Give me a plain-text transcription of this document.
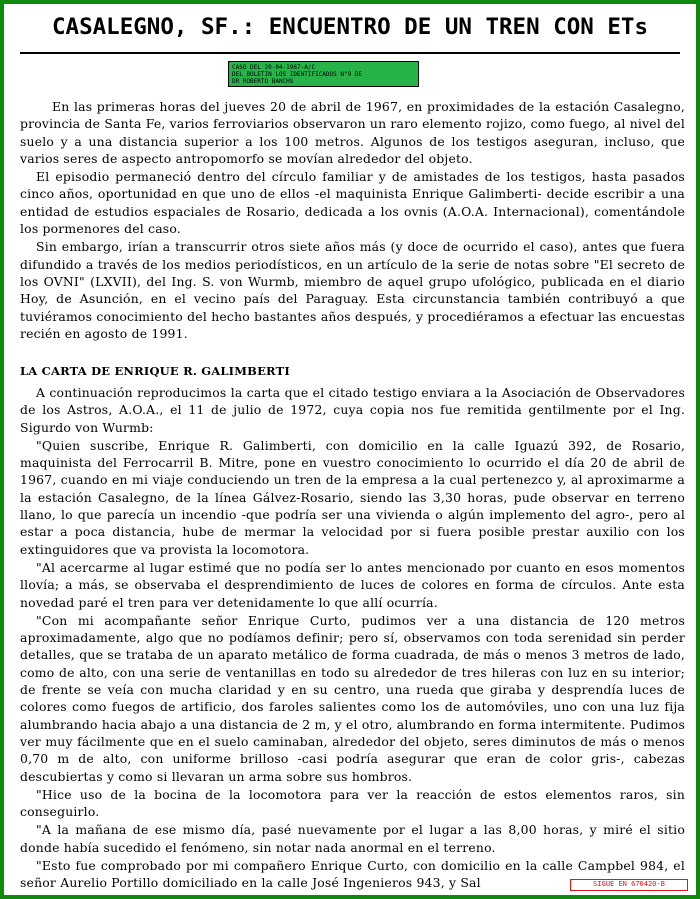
CASALEGNO, SF.: ENCUENTRO DE UN TREN CON ETs
CASO DEL 20-04-1967-A/C
DEL BOLETIN LOS IDENTIFICADOS N°9 DE
DR ROBERTO BANCHS

En las primeras horas del jueves 20 de abril de 1967, en proximidades de la estación Casalegno, provincia de Santa Fe, varios ferroviarios observaron un raro elemento rojizo, como fuego, al nivel del suelo y a una distancia superior a los 100 metros. Algunos de los testigos aseguran, incluso, que varios seres de aspecto antropomorfo se movían alrededor del objeto.

El episodio permaneció dentro del círculo familiar y de amistades de los testigos, hasta pasados cinco años, oportunidad en que uno de ellos -el maquinista Enrique Galimberti- decide escribir a una entidad de estudios espaciales de Rosario, dedicada a los ovnis (A.O.A. Internacional), comentándole los pormenores del caso.

Sin embargo, irían a transcurrir otros siete años más (y doce de ocurrido el caso), antes que fuera difundido a través de los medios periodísticos, en un artículo de la serie de notas sobre "El secreto de los OVNI" (LXVII), del Ing. S. von Wurmb, miembro de aquel grupo ufológico, publicada en el diario Hoy, de Asunción, en el vecino país del Paraguay. Esta circunstancia también contribuyó a que tuviéramos conocimiento del hecho bastantes años después, y procediéramos a efectuar las encuestas recién en agosto de 1991.

LA CARTA DE ENRIQUE R. GALIMBERTI

A continuación reproducimos la carta que el citado testigo enviara a la Asociación de Observadores de los Astros, A.O.A., el 11 de julio de 1972, cuya copia nos fue remitida gentilmente por el Ing. Sigurdo von Wurmb:

"Quien suscribe, Enrique R. Galimberti, con domicilio en la calle Iguazú 392, de Rosario, maquinista del Ferrocarril B. Mitre, pone en vuestro conocimiento lo ocurrido el día 20 de abril de 1967, cuando en mi viaje conduciendo un tren de la empresa a la cual pertenezco y, al aproximarme a la estación Casalegno, de la línea Gálvez-Rosario, siendo las 3,30 horas, pude observar en terreno llano, lo que parecía un incendio -que podría ser una vivienda o algún implemento del agro-, pero al estar a poca distancia, hube de mermar la velocidad por si fuera posible prestar auxilio con los extinguidores que va provista la locomotora.

"Al acercarme al lugar estimé que no podía ser lo antes mencionado por cuanto en esos momentos llovía; a más, se observaba el desprendimiento de luces de colores en forma de círculos. Ante esta novedad paré el tren para ver detenidamente lo que allí ocurría.

"Con mi acompañante señor Enrique Curto, pudimos ver a una distancia de 120 metros aproximadamente, algo que no podíamos definir; pero sí, observamos con toda serenidad sin perder detalles, que se trataba de un aparato metálico de forma cuadrada, de más o menos 3 metros de lado, como de alto, con una serie de ventanillas en todo su alrededor de tres hileras con luz en su interior; de frente se veía con mucha claridad y en su centro, una rueda que giraba y desprendía luces de colores como fuegos de artificio, dos faroles salientes como los de automóviles, uno con una luz fija alumbrando hacia abajo a una distancia de 2 m, y el otro, alumbrando en forma intermitente. Pudimos ver muy fácilmente que en el suelo caminaban, alrededor del objeto, seres diminutos de más o menos 0,70 m de alto, con uniforme brilloso -casi podría asegurar que eran de color gris-, cabezas descubiertas y como si llevaran un arma sobre sus hombros.

"Hice uso de la bocina de la locomotora para ver la reacción de estos elementos raros, sin conseguirlo.

"A la mañana de ese mismo día, pasé nuevamente por el lugar a las 8,00 horas, y miré el sitio donde había sucedido el fenómeno, sin notar nada anormal en el terreno.

"Esto fue comprobado por mi compañero Enrique Curto, con domicilio en la calle Campbel 984, el señor Aurelio Portillo domiciliado en la calle José Ingenieros 943, y Sal	SIGUE EN 670420-B
